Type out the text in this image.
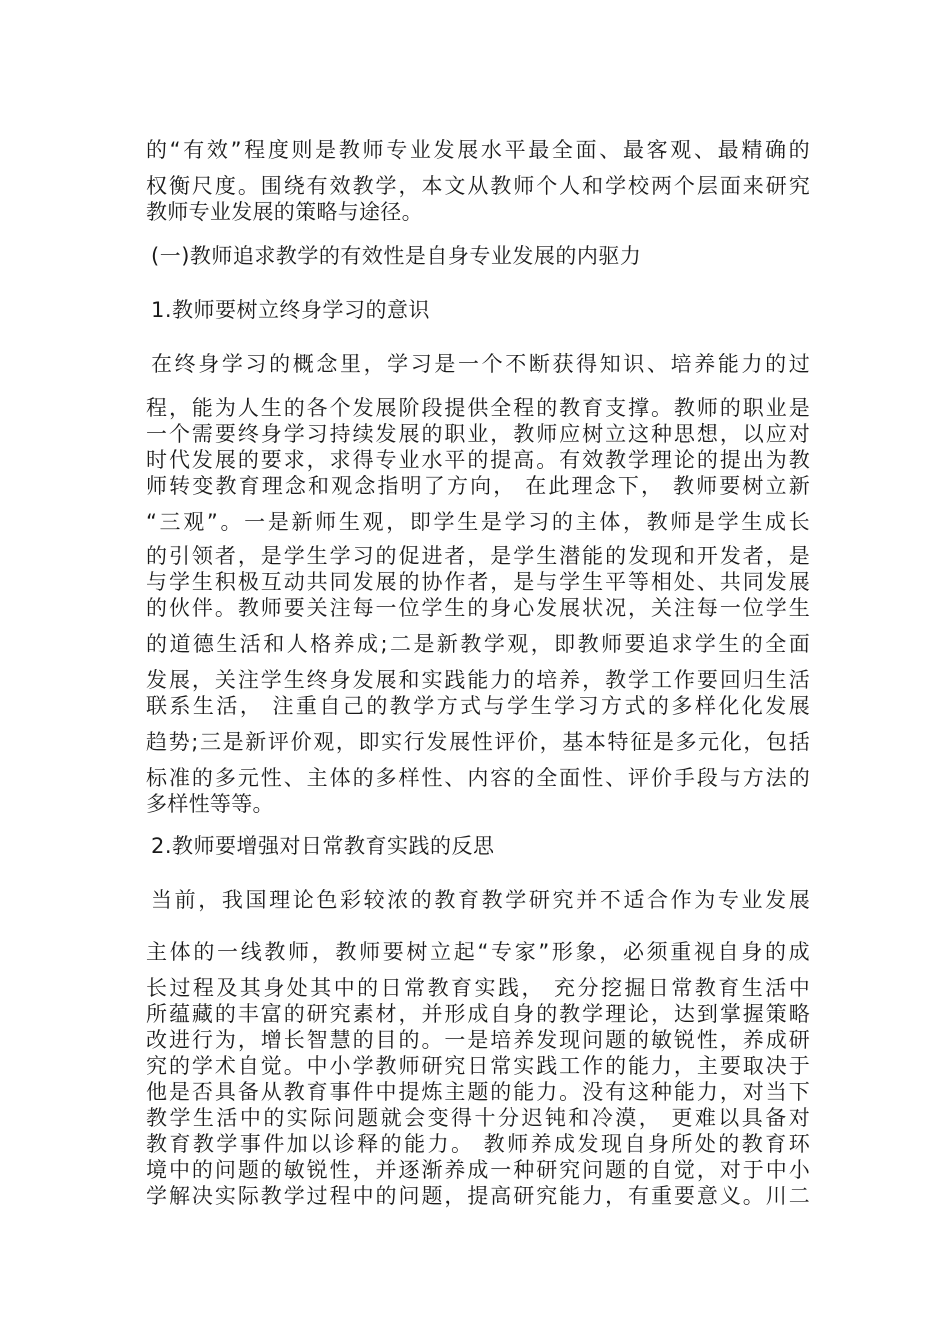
的“有效”程度则是教师专业发展水平最全面、最客观、最精确的
权衡尺度。围绕有效教学，本文从教师个人和学校两个层面来研究
教师专业发展的策略与途径。
(一)教师追求教学的有效性是自身专业发展的内驱力
1.教师要树立终身学习的意识
在终身学习的概念里，学习是一个不断获得知识、培养能力的过
程，能为人生的各个发展阶段提供全程的教育支撑。教师的职业是
一个需要终身学习持续发展的职业，教师应树立这种思想，以应对
时代发展的要求，求得专业水平的提高。有效教学理论的提出为教
师转变教育理念和观念指明了方向， 在此理念下， 教师要树立新
“三观”。一是新师生观，即学生是学习的主体，教师是学生成长
的引领者，是学生学习的促进者，是学生潜能的发现和开发者，是
与学生积极互动共同发展的协作者，是与学生平等相处、共同发展
的伙伴。教师要关注每一位学生的身心发展状况，关注每一位学生
的道德生活和人格养成;二是新教学观，即教师要追求学生的全面
发展，关注学生终身发展和实践能力的培养，教学工作要回归生活
联系生活， 注重自己的教学方式与学生学习方式的多样化化发展
趋势;三是新评价观，即实行发展性评价，基本特征是多元化，包括
标准的多元性、主体的多样性、内容的全面性、评价手段与方法的
多样性等等。
2.教师要增强对日常教育实践的反思
当前，我国理论色彩较浓的教育教学研究并不适合作为专业发展
主体的一线教师，教师要树立起“专家”形象，必须重视自身的成
长过程及其身处其中的日常教育实践， 充分挖掘日常教育生活中
所蕴藏的丰富的研究素材，并形成自身的教学理论，达到掌握策略
改进行为，增长智慧的目的。一是培养发现问题的敏锐性，养成研
究的学术自觉。中小学教师研究日常实践工作的能力，主要取决于
他是否具备从教育事件中提炼主题的能力。没有这种能力，对当下
教学生活中的实际问题就会变得十分迟钝和冷漠， 更难以具备对
教育教学事件加以诊释的能力。 教师养成发现自身所处的教育环
境中的问题的敏锐性，并逐渐养成一种研究问题的自觉，对于中小
学解决实际教学过程中的问题，提高研究能力，有重要意义。川二
